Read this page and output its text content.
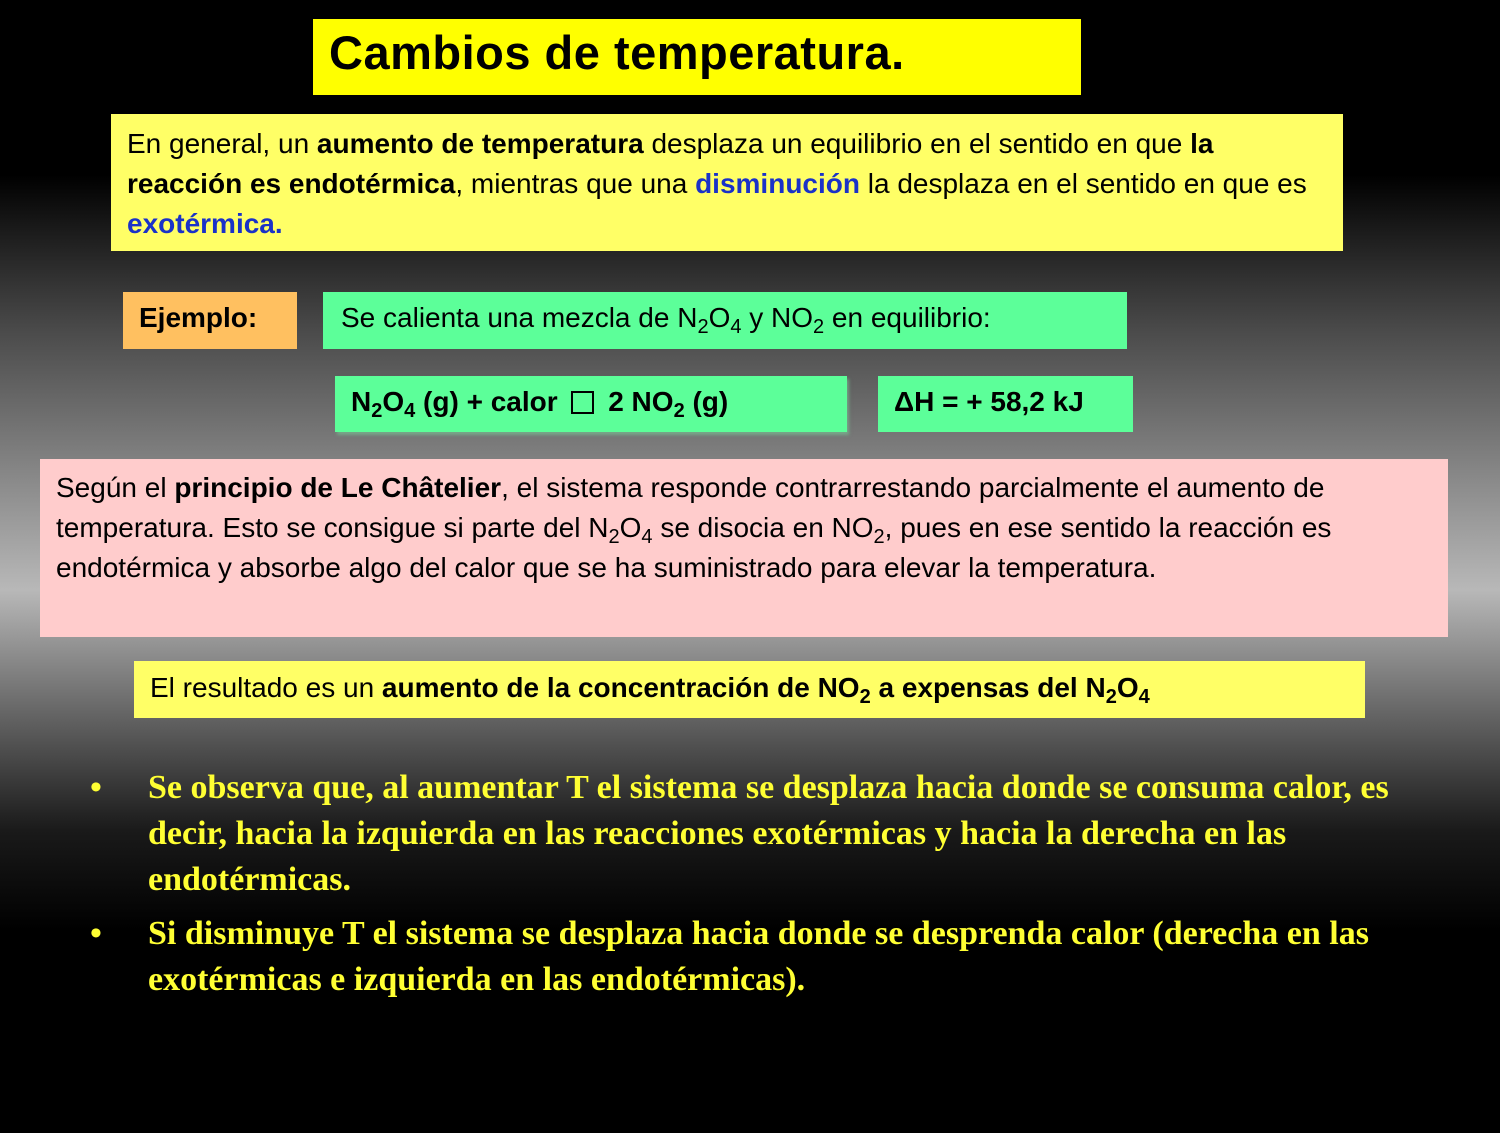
Cambios de temperatura.
En general, un aumento de temperatura desplaza un equilibrio en el sentido en que la reacción es endotérmica, mientras que una disminución la desplaza en el sentido en que es exotérmica.
Ejemplo:	Se calienta una mezcla de $N_2O_4$ y $NO_2$ en equilibrio:
$N_2O_4$ (g) + calor  2 $NO_2$ (g)	ΔH = + 58,2 kJ
Según el principio de Le Châtelier, el sistema responde contrarrestando parcialmente el aumento de temperatura. Esto se consigue si parte del $N_2O_4$ se disocia en $NO_2$, pues en ese sentido la reacción es endotérmica y absorbe algo del calor que se ha suministrado para elevar la temperatura.
El resultado es un aumento de la concentración de $NO_2$ a expensas del $N_2O_4$
• Se observa que, al aumentar T el sistema se desplaza hacia donde se consuma calor, es decir, hacia la izquierda en las reacciones exotérmicas y hacia la derecha en las endotérmicas.
• Si disminuye T el sistema se desplaza hacia donde se desprenda calor (derecha en las exotérmicas e izquierda en las endotérmicas).
